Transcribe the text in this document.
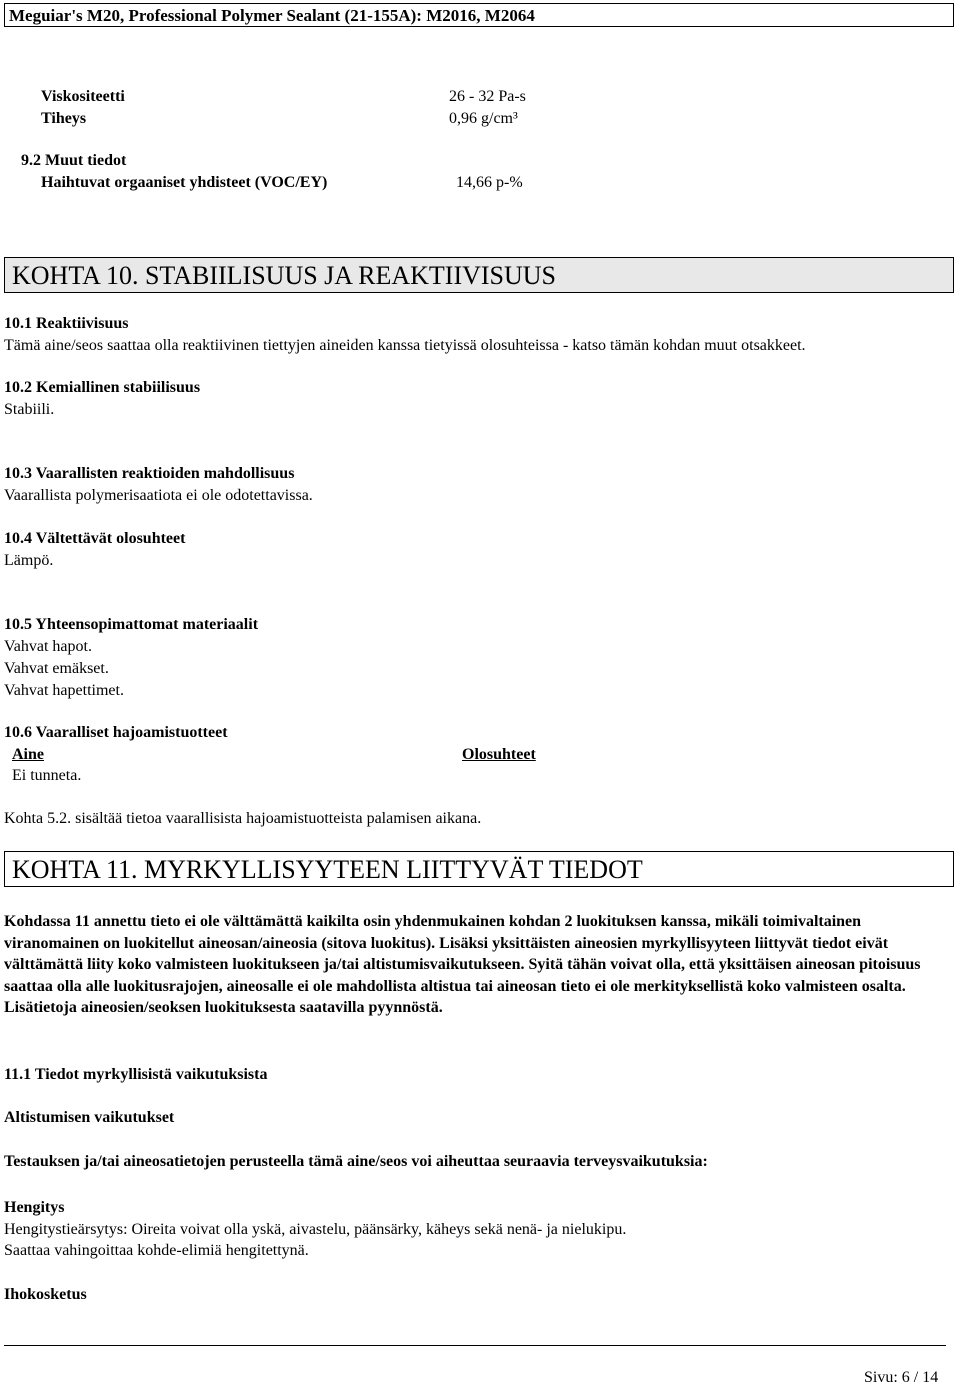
Meguiar's M20, Professional Polymer Sealant (21-155A): M2016, M2064
Viskositeetti	26 - 32 Pa-s
Tiheys	0,96 g/cm³
9.2 Muut tiedot
Haihtuvat orgaaniset yhdisteet (VOC/EY)	14,66 p-%
KOHTA 10. STABIILISUUS JA REAKTIIVISUUS
10.1 Reaktiivisuus
Tämä aine/seos saattaa olla reaktiivinen tiettyjen aineiden kanssa tietyissä olosuhteissa - katso tämän kohdan muut otsakkeet.
10.2 Kemiallinen stabiilisuus
Stabiili.
10.3 Vaarallisten reaktioiden mahdollisuus
Vaarallista polymerisaatiota ei ole odotettavissa.
10.4 Vältettävät olosuhteet
Lämpö.
10.5 Yhteensopimattomat materiaalit
Vahvat hapot.
Vahvat emäkset.
Vahvat hapettimet.
10.6 Vaaralliset hajoamistuotteet
Aine	Olosuhteet
Ei tunneta.
Kohta 5.2. sisältää tietoa vaarallisista hajoamistuotteista palamisen aikana.
KOHTA 11. MYRKYLLISYYTEEN LIITTYVÄT TIEDOT
Kohdassa 11 annettu tieto ei ole välttämättä kaikilta osin yhdenmukainen kohdan 2 luokituksen kanssa, mikäli toimivaltainen viranomainen on luokitellut aineosan/aineosia (sitova luokitus). Lisäksi yksittäisten aineosien myrkyllisyyteen liittyvät tiedot eivät välttämättä liity koko valmisteen luokitukseen ja/tai altistumisvaikutukseen. Syitä tähän voivat olla, että yksittäisen aineosan pitoisuus saattaa olla alle luokitusrajojen, aineosalle ei ole mahdollista altistua tai aineosan tieto ei ole merkityksellistä koko valmisteen osalta. Lisätietoja aineosien/seoksen luokituksesta saatavilla pyynnöstä.
11.1 Tiedot myrkyllisistä vaikutuksista
Altistumisen vaikutukset
Testauksen ja/tai aineosatietojen perusteella tämä aine/seos voi aiheuttaa seuraavia terveysvaikutuksia:
Hengitys
Hengitystieärsytys: Oireita voivat olla yskä, aivastelu, päänsärky, käheys sekä nenä- ja nielukipu.
Saattaa vahingoittaa kohde-elimiä hengitettynä.
Ihokosketus
Sivu: 6 / 14
